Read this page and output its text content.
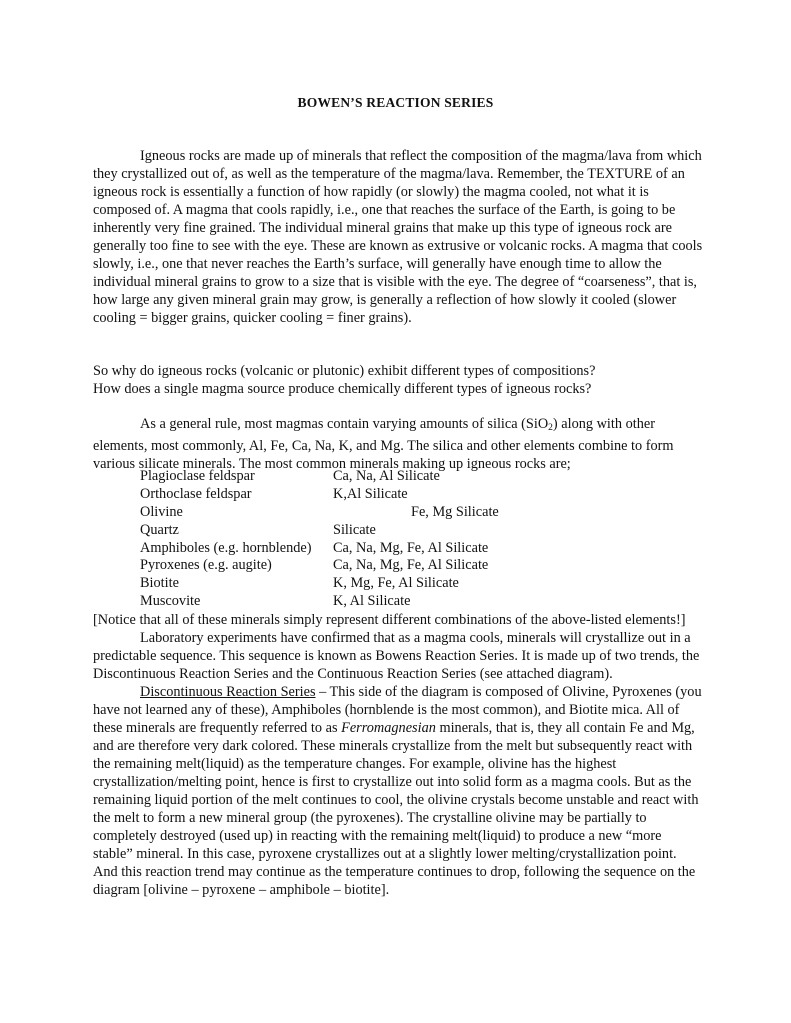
BOWEN’S REACTION SERIES

Igneous rocks are made up of minerals that reflect the composition of the magma/lava from which they crystallized out of, as well as the temperature of the magma/lava. Remember, the TEXTURE of an igneous rock is essentially a function of how rapidly (or slowly) the magma cooled, not what it is composed of. A magma that cools rapidly, i.e., one that reaches the surface of the Earth, is going to be inherently very fine grained. The individual mineral grains that make up this type of igneous rock are generally too fine to see with the eye. These are known as extrusive or volcanic rocks. A magma that cools slowly, i.e., one that never reaches the Earth’s surface, will generally have enough time to allow the individual mineral grains to grow to a size that is visible with the eye. The degree of “coarseness”, that is, how large any given mineral grain may grow, is generally a reflection of how slowly it cooled (slower cooling = bigger grains, quicker cooling = finer grains).

So why do igneous rocks (volcanic or plutonic) exhibit different types of compositions?

How does a single magma source produce chemically different types of igneous rocks?

As a general rule, most magmas contain varying amounts of silica (SiO$_2$) along with other elements, most commonly, Al, Fe, Ca, Na, K, and Mg. The silica and other elements combine to form various silicate minerals. The most common minerals making up igneous rocks are;

Plagioclase feldspar	Ca, Na, Al Silicate
Orthoclase feldspar	K,Al Silicate
Olivine	Fe, Mg Silicate
Quartz	Silicate
Amphiboles (e.g. hornblende) Ca, Na, Mg, Fe, Al Silicate
Pyroxenes (e.g. augite)	Ca, Na, Mg, Fe, Al Silicate
Biotite	K, Mg, Fe, Al Silicate
Muscovite	K, Al Silicate

[Notice that all of these minerals simply represent different combinations of the above-listed elements!]

Laboratory experiments have confirmed that as a magma cools, minerals will crystallize out in a predictable sequence. This sequence is known as Bowens Reaction Series. It is made up of two trends, the Discontinuous Reaction Series and the Continuous Reaction Series (see attached diagram).

Discontinuous Reaction Series – This side of the diagram is composed of Olivine, Pyroxenes (you have not learned any of these), Amphiboles (hornblende is the most common), and Biotite mica. All of these minerals are frequently referred to as Ferromagnesian minerals, that is, they all contain Fe and Mg, and are therefore very dark colored. These minerals crystallize from the melt but subsequently react with the remaining melt(liquid) as the temperature changes. For example, olivine has the highest crystallization/melting point, hence is first to crystallize out into solid form as a magma cools. But as the remaining liquid portion of the melt continues to cool, the olivine crystals become unstable and react with the melt to form a new mineral group (the pyroxenes). The crystalline olivine may be partially to completely destroyed (used up) in reacting with the remaining melt(liquid) to produce a new “more stable” mineral. In this case, pyroxene crystallizes out at a slightly lower melting/crystallization point. And this reaction trend may continue as the temperature continues to drop, following the sequence on the diagram [olivine – pyroxene – amphibole – biotite].
